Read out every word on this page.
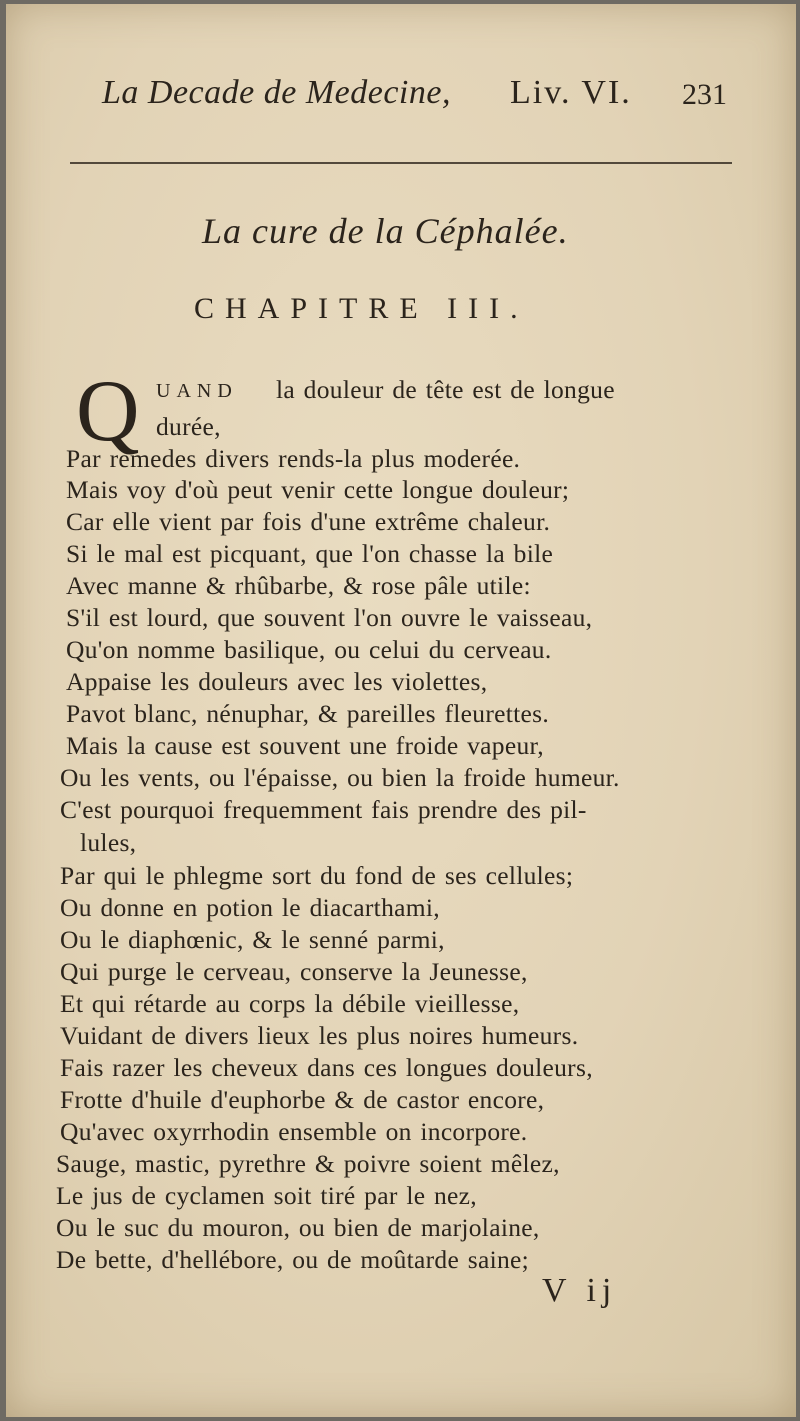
La Decade de Medecine, Liv. VI. 231
La cure de la Céphalée.
CHAPITRE III.
Q UAND la douleur de tête est de longue
durée,
Par remedes divers rends-la plus moderée.
Mais voy d'où peut venir cette longue douleur;
Car elle vient par fois d'une extrême chaleur.
Si le mal est picquant, que l'on chasse la bile
Avec manne & rhûbarbe, & rose pâle utile:
S'il est lourd, que souvent l'on ouvre le vaisseau,
Qu'on nomme basilique, ou celui du cerveau.
Appaise les douleurs avec les violettes,
Pavot blanc, nénuphar, & pareilles fleurettes.
Mais la cause est souvent une froide vapeur,
Ou les vents, ou l'épaisse, ou bien la froide humeur.
C'est pourquoi frequemment fais prendre des pil-
lules,
Par qui le phlegme sort du fond de ses cellules;
Ou donne en potion le diacarthami,
Ou le diaphœnic, & le senné parmi,
Qui purge le cerveau, conserve la Jeunesse,
Et qui rétarde au corps la débile vieillesse,
Vuidant de divers lieux les plus noires humeurs.
Fais razer les cheveux dans ces longues douleurs,
Frotte d'huile d'euphorbe & de castor encore,
Qu'avec oxyrrhodin ensemble on incorpore.
Sauge, mastic, pyrethre & poivre soient mêlez,
Le jus de cyclamen soit tiré par le nez,
Ou le suc du mouron, ou bien de marjolaine,
De bette, d'hellébore, ou de moûtarde saine;
V ij
